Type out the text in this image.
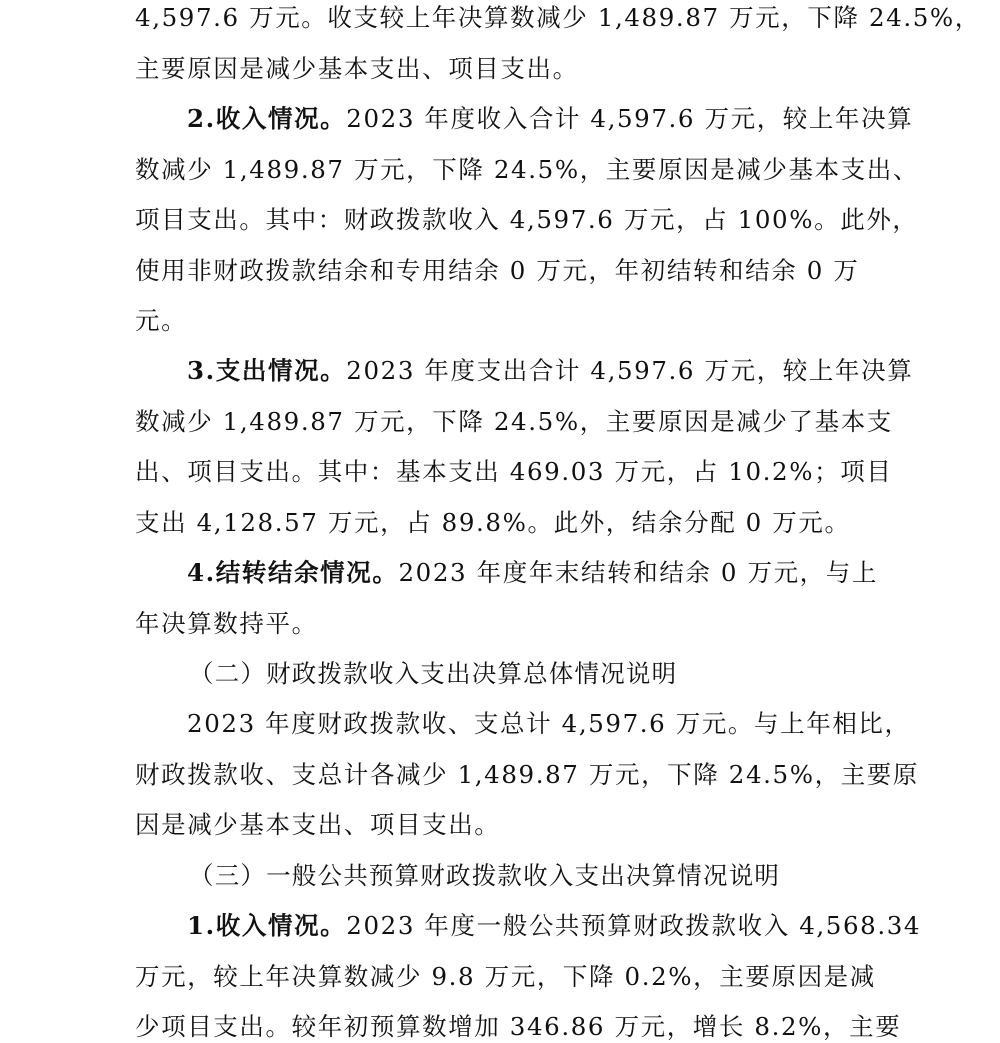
4,597.6 万元。收支较上年决算数减少 1,489.87 万元，下降 24.5%，
主要原因是减少基本支出、项目支出。
2.收入情况。2023 年度收入合计 4,597.6 万元，较上年决算
数减少 1,489.87 万元，下降 24.5%，主要原因是减少基本支出、
项目支出。其中：财政拨款收入 4,597.6 万元，占 100%。此外，
使用非财政拨款结余和专用结余 0 万元，年初结转和结余 0 万
元。
3.支出情况。2023 年度支出合计 4,597.6 万元，较上年决算
数减少 1,489.87 万元，下降 24.5%，主要原因是减少了基本支
出、项目支出。其中：基本支出 469.03 万元，占 10.2%；项目
支出 4,128.57 万元，占 89.8%。此外，结余分配 0 万元。
4.结转结余情况。2023 年度年末结转和结余 0 万元，与上
年决算数持平。
（二）财政拨款收入支出决算总体情况说明
2023 年度财政拨款收、支总计 4,597.6 万元。与上年相比，
财政拨款收、支总计各减少 1,489.87 万元，下降 24.5%，主要原
因是减少基本支出、项目支出。
（三）一般公共预算财政拨款收入支出决算情况说明
1.收入情况。2023 年度一般公共预算财政拨款收入 4,568.34
万元，较上年决算数减少 9.8 万元，下降 0.2%，主要原因是减
少项目支出。较年初预算数增加 346.86 万元，增长 8.2%，主要
